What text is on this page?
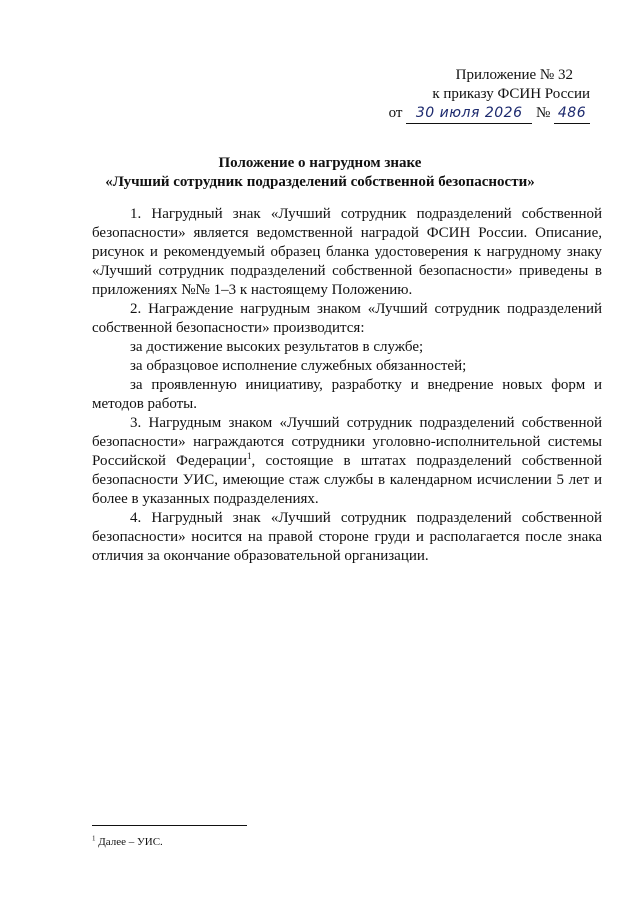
Приложение № 32
к приказу ФСИН России
от 30 июля 2026 № 486
Положение о нагрудном знаке
«Лучший сотрудник подразделений собственной безопасности»

1. Нагрудный знак «Лучший сотрудник подразделений собственной безопасности» является ведомственной наградой ФСИН России. Описание, рисунок и рекомендуемый образец бланка удостоверения к нагрудному знаку «Лучший сотрудник подразделений собственной безопасности» приведены в приложениях №№ 1–3 к настоящему Положению.

2. Награждение нагрудным знаком «Лучший сотрудник подразделений собственной безопасности» производится:

за достижение высоких результатов в службе;

за образцовое исполнение служебных обязанностей;

за проявленную инициативу, разработку и внедрение новых форм и методов работы.

3. Нагрудным знаком «Лучший сотрудник подразделений собственной безопасности» награждаются сотрудники уголовно-исполнительной системы Российской Федерации$^1$, состоящие в штатах подразделений собственной безопасности УИС, имеющие стаж службы в календарном исчислении 5 лет и более в указанных подразделениях.

4. Нагрудный знак «Лучший сотрудник подразделений собственной безопасности» носится на правой стороне груди и располагается после знака отличия за окончание образовательной организации.

$^1$ Далее – УИС.
